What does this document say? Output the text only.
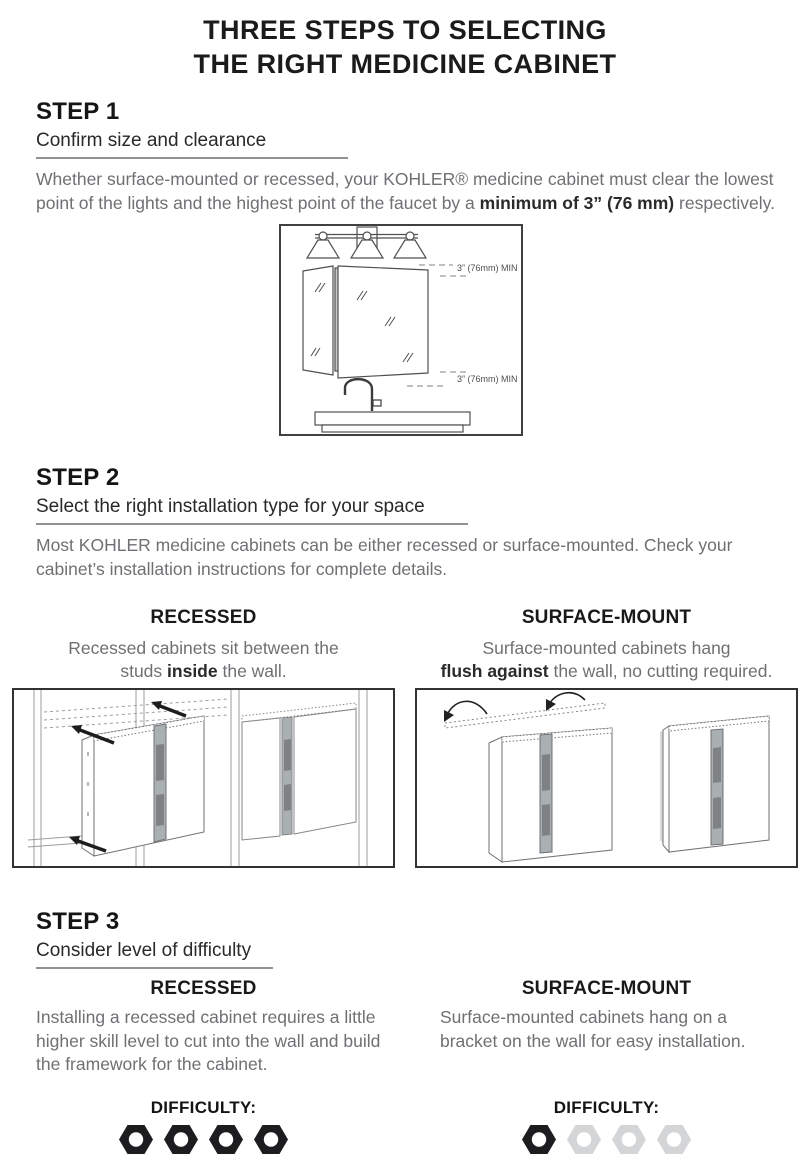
THREE STEPS TO SELECTING
THE RIGHT MEDICINE CABINET
STEP 1
Confirm size and clearance
Whether surface-mounted or recessed, your KOHLER® medicine cabinet must clear the lowest
point of the lights and the highest point of the faucet by a minimum of 3” (76 mm) respectively.
3” (76mm) MIN
3” (76mm) MIN
STEP 2
Select the right installation type for your space
Most KOHLER medicine cabinets can be either recessed or surface-mounted. Check your
cabinet’s installation instructions for complete details.
RECESSED
Recessed cabinets sit between the
studs inside the wall.
SURFACE-MOUNT
Surface-mounted cabinets hang
flush against the wall, no cutting required.
STEP 3
Consider level of difficulty
RECESSED	SURFACE-MOUNT
Installing a recessed cabinet requires a little
higher skill level to cut into the wall and build
the framework for the cabinet.
Surface-mounted cabinets hang on a
bracket on the wall for easy installation.
DIFFICULTY:	DIFFICULTY:
